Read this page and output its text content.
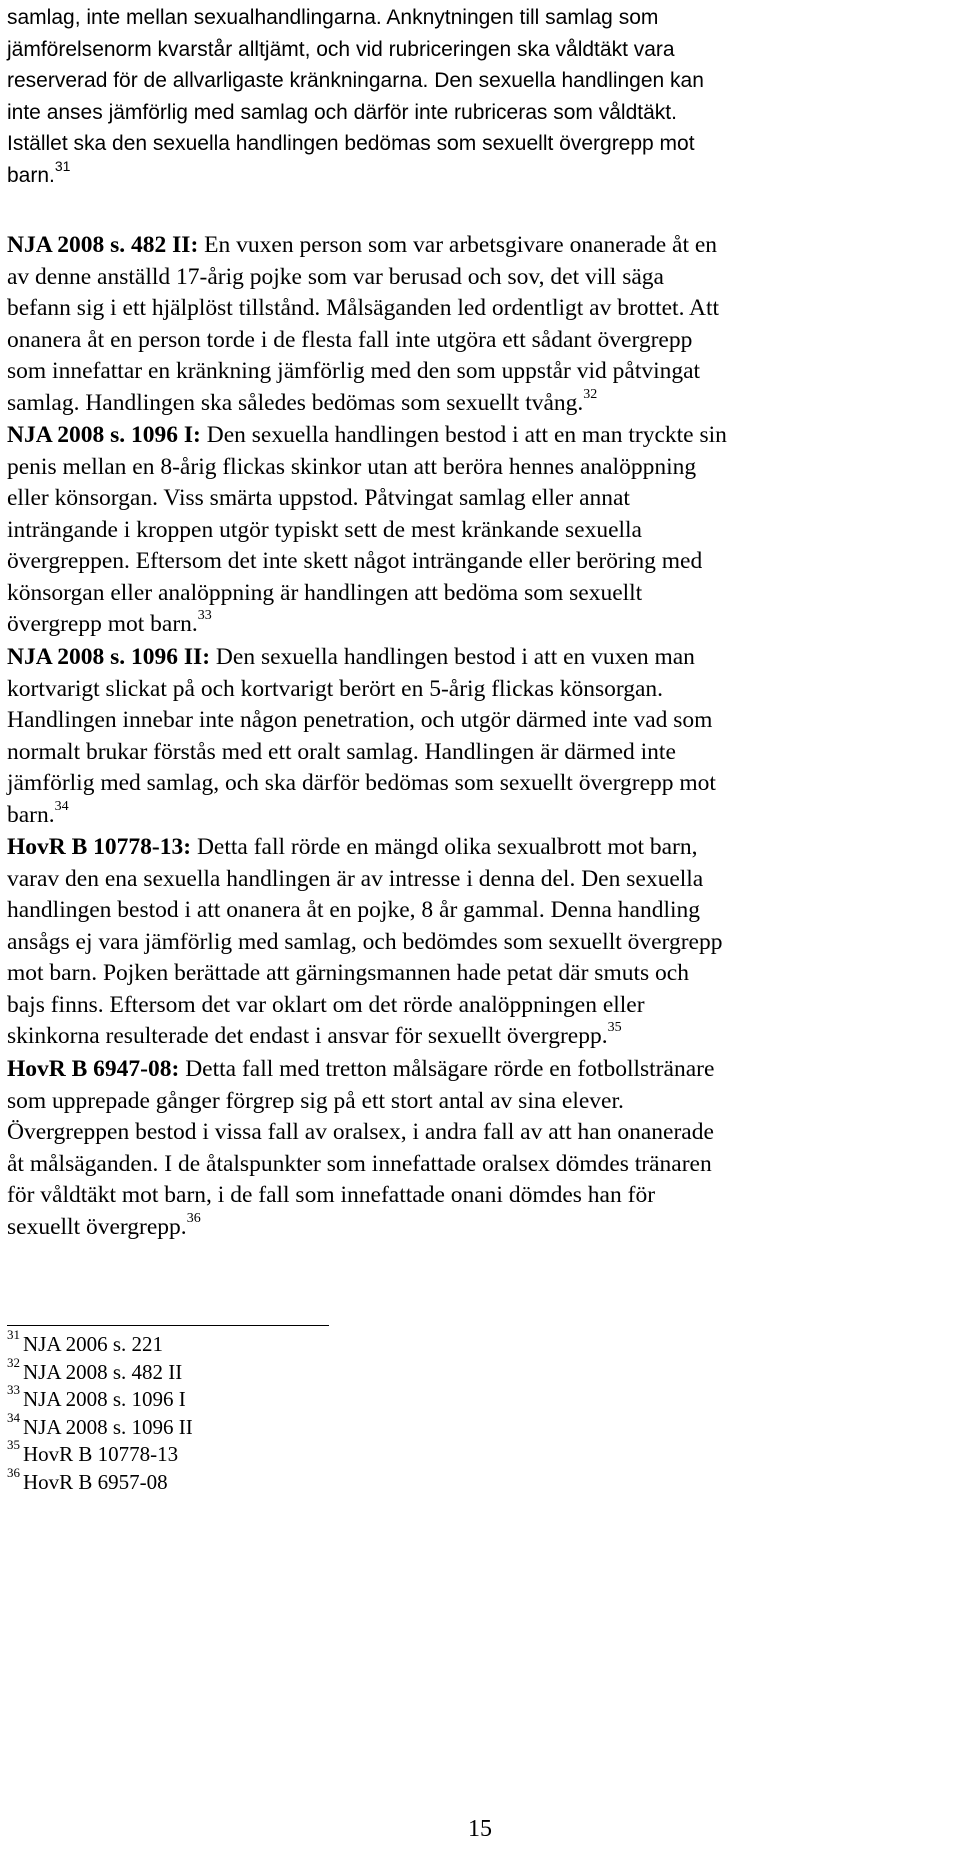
samlag, inte mellan sexualhandlingarna. Anknytningen till samlag som
jämförelsenorm kvarstår alltjämt, och vid rubriceringen ska våldtäkt vara
reserverad för de allvarligaste kränkningarna. Den sexuella handlingen kan
inte anses jämförlig med samlag och därför inte rubriceras som våldtäkt.
Istället ska den sexuella handlingen bedömas som sexuellt övergrepp mot
barn.$^{31}$
NJA 2008 s. 482 II: En vuxen person som var arbetsgivare onanerade åt en
av denne anställd 17-årig pojke som var berusad och sov, det vill säga
befann sig i ett hjälplöst tillstånd. Målsäganden led ordentligt av brottet. Att
onanera åt en person torde i de flesta fall inte utgöra ett sådant övergrepp
som innefattar en kränkning jämförlig med den som uppstår vid påtvingat
samlag. Handlingen ska således bedömas som sexuellt tvång.$^{32}$
NJA 2008 s. 1096 I: Den sexuella handlingen bestod i att en man tryckte sin
penis mellan en 8-årig flickas skinkor utan att beröra hennes analöppning
eller könsorgan. Viss smärta uppstod. Påtvingat samlag eller annat
inträngande i kroppen utgör typiskt sett de mest kränkande sexuella
övergreppen. Eftersom det inte skett något inträngande eller beröring med
könsorgan eller analöppning är handlingen att bedöma som sexuellt
övergrepp mot barn.$^{33}$
NJA 2008 s. 1096 II: Den sexuella handlingen bestod i att en vuxen man
kortvarigt slickat på och kortvarigt berört en 5-årig flickas könsorgan.
Handlingen innebar inte någon penetration, och utgör därmed inte vad som
normalt brukar förstås med ett oralt samlag. Handlingen är därmed inte
jämförlig med samlag, och ska därför bedömas som sexuellt övergrepp mot
barn.$^{34}$
HovR B 10778-13: Detta fall rörde en mängd olika sexualbrott mot barn,
varav den ena sexuella handlingen är av intresse i denna del. Den sexuella
handlingen bestod i att onanera åt en pojke, 8 år gammal. Denna handling
ansågs ej vara jämförlig med samlag, och bedömdes som sexuellt övergrepp
mot barn. Pojken berättade att gärningsmannen hade petat där smuts och
bajs finns. Eftersom det var oklart om det rörde analöppningen eller
skinkorna resulterade det endast i ansvar för sexuellt övergrepp.$^{35}$
HovR B 6947-08: Detta fall med tretton målsägare rörde en fotbollstränare
som upprepade gånger förgrep sig på ett stort antal av sina elever.
Övergreppen bestod i vissa fall av oralsex, i andra fall av att han onanerade
åt målsäganden. I de åtalspunkter som innefattade oralsex dömdes tränaren
för våldtäkt mot barn, i de fall som innefattade onani dömdes han för
sexuellt övergrepp.$^{36}$
$^{31}$ NJA 2006 s. 221
$^{32}$ NJA 2008 s. 482 II
$^{33}$ NJA 2008 s. 1096 I
$^{34}$ NJA 2008 s. 1096 II
$^{35}$ HovR B 10778-13
$^{36}$ HovR B 6957-08
15
